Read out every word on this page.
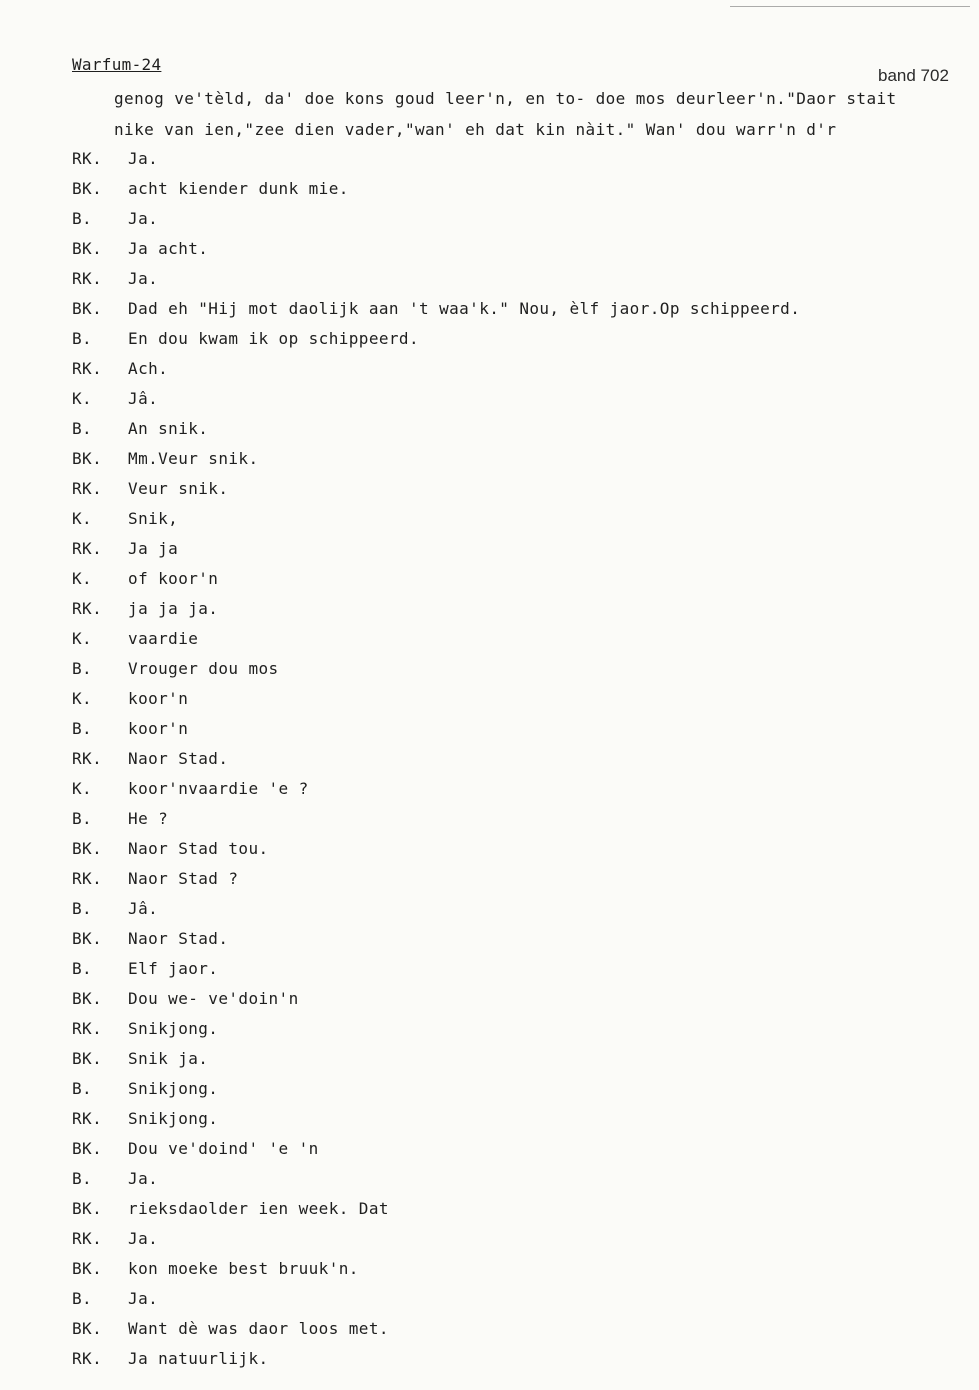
Warfum-24
band 702
genog ve'tèld, da' doe kons goud leer'n, en to- doe mos deurleer'n."Daor stait
nike van ien,"zee dien vader,"wan' eh dat kin nàit." Wan' dou warr'n d'r
RK. Ja.
BK. acht kiender dunk mie.
B. Ja.
BK. Ja acht.
RK. Ja.
BK. Dad eh "Hij mot daolijk aan 't waa'k." Nou, èlf jaor.Op schippeerd.
B. En dou kwam ik op schippeerd.
RK. Ach.
K. Jâ.
B. An snik.
BK. Mm.Veur snik.
RK. Veur snik.
K. Snik,
RK. Ja ja
K. of koor'n
RK. ja ja ja.
K. vaardie
B. Vrouger dou mos
K. koor'n
B. koor'n
RK. Naor Stad.
K. koor'nvaardie 'e ?
B. He ?
BK. Naor Stad tou.
RK. Naor Stad ?
B. Jâ.
BK. Naor Stad.
B. Elf jaor.
BK. Dou we- ve'doin'n
RK. Snikjong.
BK. Snik ja.
B. Snikjong.
RK. Snikjong.
BK. Dou ve'doind' 'e 'n
B. Ja.
BK. rieksdaolder ien week. Dat
RK. Ja.
BK. kon moeke best bruuk'n.
B. Ja.
BK. Want dè was daor loos met.
RK. Ja natuurlijk.
